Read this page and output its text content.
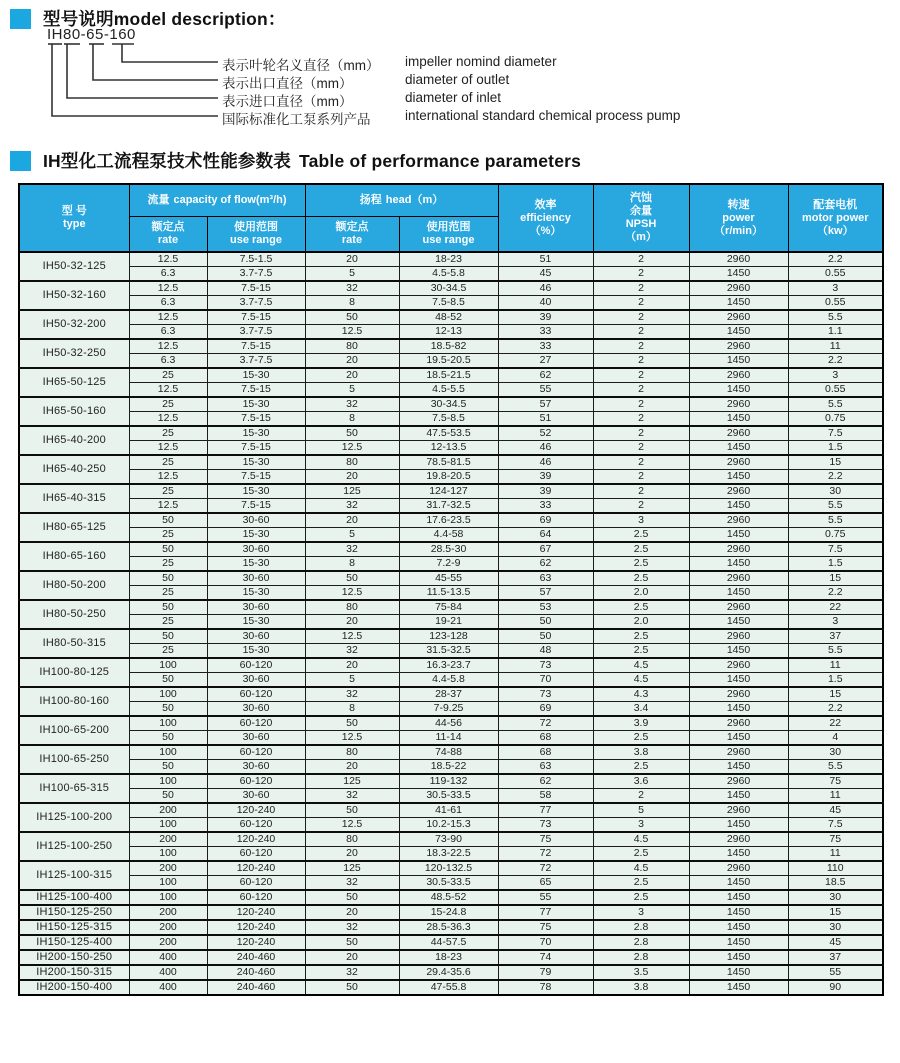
型号说明model description：
IH80-65-160
表示叶轮名义直径（mm） impeller nomind diameter
表示出口直径（mm）	diameter of outlet
表示进口直径（mm）	diameter of inlet
国际标准化工泵系列产品	international standard chemical process pump
IH型化工流程泵技术性能参数表 Table of performance parameters
型 号
type	流量 capacity of flow(m³/h)		扬程 head（m）		效率
efficiency
（%）	汽蚀
余量
NPSH
（m）	转速
power
（r/min）	配套电机
motor power
（kw）

	额定点
rate	使用范围
use range	额定点
rate	使用范围
use range				

IH50-32-125	12.5	7.5-1.5	20	18-23	51	2	2960	2.2
	6.3	3.7-7.5	5	4.5-5.8	45	2	1450	0.55
IH50-32-160	12.5	7.5-15	32	30-34.5	46	2	2960	3
	6.3	3.7-7.5	8	7.5-8.5	40	2	1450	0.55
IH50-32-200	12.5	7.5-15	50	48-52	39	2	2960	5.5
	6.3	3.7-7.5	12.5	12-13	33	2	1450	1.1
IH50-32-250	12.5	7.5-15	80	18.5-82	33	2	2960	11
	6.3	3.7-7.5	20	19.5-20.5	27	2	1450	2.2
IH65-50-125	25	15-30	20	18.5-21.5	62	2	2960	3
	12.5	7.5-15	5	4.5-5.5	55	2	1450	0.55
IH65-50-160	25	15-30	32	30-34.5	57	2	2960	5.5
	12.5	7.5-15	8	7.5-8.5	51	2	1450	0.75
IH65-40-200	25	15-30	50	47.5-53.5	52	2	2960	7.5
	12.5	7.5-15	12.5	12-13.5	46	2	1450	1.5
IH65-40-250	25	15-30	80	78.5-81.5	46	2	2960	15
	12.5	7.5-15	20	19.8-20.5	39	2	1450	2.2
IH65-40-315	25	15-30	125	124-127	39	2	2960	30
	12.5	7.5-15	32	31.7-32.5	33	2	1450	5.5
IH80-65-125	50	30-60	20	17.6-23.5	69	3	2960	5.5
	25	15-30	5	4.4-58	64	2.5	1450	0.75
IH80-65-160	50	30-60	32	28.5-30	67	2.5	2960	7.5
	25	15-30	8	7.2-9	62	2.5	1450	1.5
IH80-50-200	50	30-60	50	45-55	63	2.5	2960	15
	25	15-30	12.5	11.5-13.5	57	2.0	1450	2.2
IH80-50-250	50	30-60	80	75-84	53	2.5	2960	22
	25	15-30	20	19-21	50	2.0	1450	3
IH80-50-315	50	30-60	12.5	123-128	50	2.5	2960	37
	25	15-30	32	31.5-32.5	48	2.5	1450	5.5
IH100-80-125	100	60-120	20	16.3-23.7	73	4.5	2960	11
	50	30-60	5	4.4-5.8	70	4.5	1450	1.5
IH100-80-160	100	60-120	32	28-37	73	4.3	2960	15
	50	30-60	8	7-9.25	69	3.4	1450	2.2
IH100-65-200	100	60-120	50	44-56	72	3.9	2960	22
	50	30-60	12.5	11-14	68	2.5	1450	4
IH100-65-250	100	60-120	80	74-88	68	3.8	2960	30
	50	30-60	20	18.5-22	63	2.5	1450	5.5
IH100-65-315	100	60-120	125	119-132	62	3.6	2960	75
	50	30-60	32	30.5-33.5	58	2	1450	11
IH125-100-200	200	120-240	50	41-61	77	5	2960	45
	100	60-120	12.5	10.2-15.3	73	3	1450	7.5
IH125-100-250	200	120-240	80	73-90	75	4.5	2960	75
	100	60-120	20	18.3-22.5	72	2.5	1450	11
IH125-100-315	200	120-240	125	120-132.5	72	4.5	2960	110
	100	60-120	32	30.5-33.5	65	2.5	1450	18.5
IH125-100-400	100	60-120	50	48.5-52	55	2.5	1450	30
IH150-125-250	200	120-240	20	15-24.8	77	3	1450	15
IH150-125-315	200	120-240	32	28.5-36.3	75	2.8	1450	30
IH150-125-400	200	120-240	50	44-57.5	70	2.8	1450	45
IH200-150-250	400	240-460	20	18-23	74	2.8	1450	37
IH200-150-315	400	240-460	32	29.4-35.6	79	3.5	1450	55
IH200-150-400	400	240-460	50	47-55.8	78	3.8	1450	90
